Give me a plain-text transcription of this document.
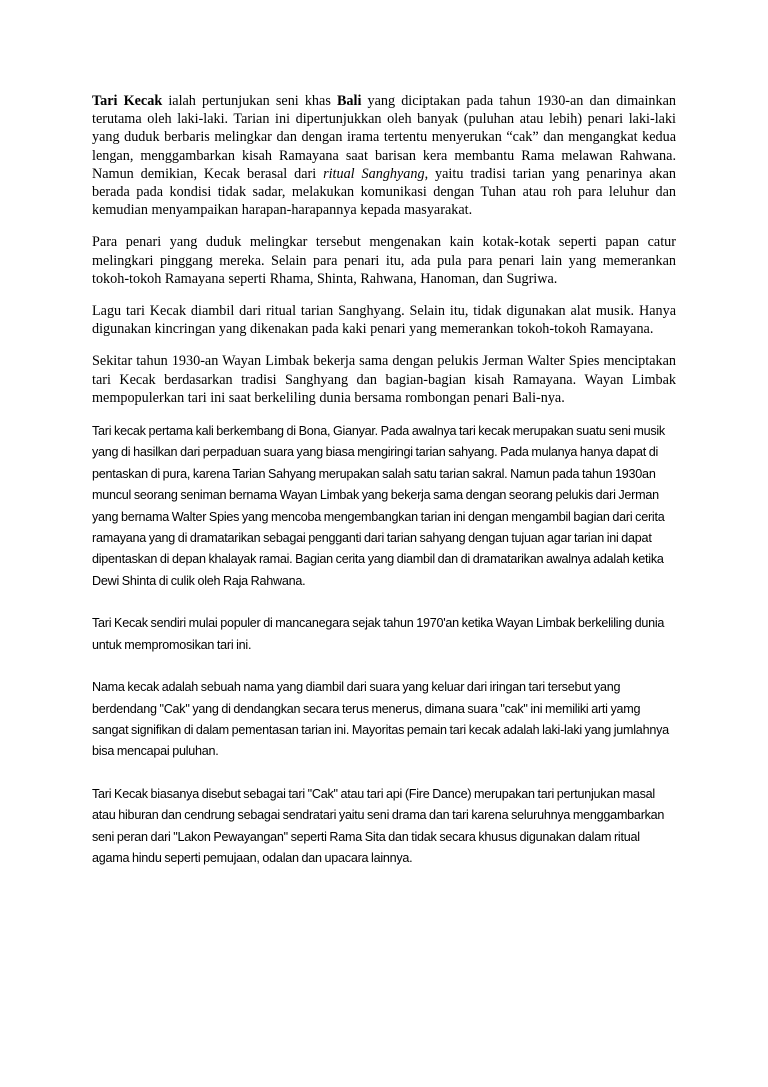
Tari Kecak ialah pertunjukan seni khas Bali yang diciptakan pada tahun 1930-an dan dimainkan terutama oleh laki-laki. Tarian ini dipertunjukkan oleh banyak (puluhan atau lebih) penari laki-laki yang duduk berbaris melingkar dan dengan irama tertentu menyerukan “cak” dan mengangkat kedua lengan, menggambarkan kisah Ramayana saat barisan kera membantu Rama melawan Rahwana. Namun demikian, Kecak berasal dari ritual Sanghyang, yaitu tradisi tarian yang penarinya akan berada pada kondisi tidak sadar, melakukan komunikasi dengan Tuhan atau roh para leluhur dan kemudian menyampaikan harapan-harapannya kepada masyarakat.

Para penari yang duduk melingkar tersebut mengenakan kain kotak-kotak seperti papan catur melingkari pinggang mereka. Selain para penari itu, ada pula para penari lain yang memerankan tokoh-tokoh Ramayana seperti Rhama, Shinta, Rahwana, Hanoman, dan Sugriwa.

Lagu tari Kecak diambil dari ritual tarian Sanghyang. Selain itu, tidak digunakan alat musik. Hanya digunakan kincringan yang dikenakan pada kaki penari yang memerankan tokoh-tokoh Ramayana.

Sekitar tahun 1930-an Wayan Limbak bekerja sama dengan pelukis Jerman Walter Spies menciptakan tari Kecak berdasarkan tradisi Sanghyang dan bagian-bagian kisah Ramayana. Wayan Limbak mempopulerkan tari ini saat berkeliling dunia bersama rombongan penari Bali-nya.

Tari kecak pertama kali berkembang di Bona, Gianyar. Pada awalnya tari kecak merupakan suatu seni musik yang di hasilkan dari perpaduan suara yang biasa mengiringi tarian sahyang. Pada mulanya hanya dapat di pentaskan di pura, karena Tarian Sahyang merupakan salah satu tarian sakral. Namun pada tahun 1930an muncul seorang seniman bernama Wayan Limbak yang bekerja sama dengan seorang pelukis dari Jerman yang bernama Walter Spies yang mencoba mengembangkan tarian ini dengan mengambil bagian dari cerita ramayana yang di dramatarikan sebagai pengganti dari tarian sahyang dengan tujuan agar tarian ini dapat dipentaskan di depan khalayak ramai. Bagian cerita yang diambil dan di dramatarikan awalnya adalah ketika Dewi Shinta di culik oleh Raja Rahwana.

Tari Kecak sendiri mulai populer di mancanegara sejak tahun 1970'an ketika Wayan Limbak berkeliling dunia untuk mempromosikan tari ini.

Nama kecak adalah sebuah nama yang diambil dari suara yang keluar dari iringan tari tersebut yang berdendang "Cak" yang di dendangkan secara terus menerus, dimana suara "cak" ini memiliki arti yamg sangat signifikan di dalam pementasan tarian ini. Mayoritas pemain tari kecak adalah laki-laki yang jumlahnya bisa mencapai puluhan.

Tari Kecak biasanya disebut sebagai tari "Cak" atau tari api (Fire Dance) merupakan tari pertunjukan masal atau hiburan dan cendrung sebagai sendratari yaitu seni drama dan tari karena seluruhnya menggambarkan seni peran dari "Lakon Pewayangan" seperti Rama Sita dan tidak secara khusus digunakan dalam ritual agama hindu seperti pemujaan, odalan dan upacara lainnya.
